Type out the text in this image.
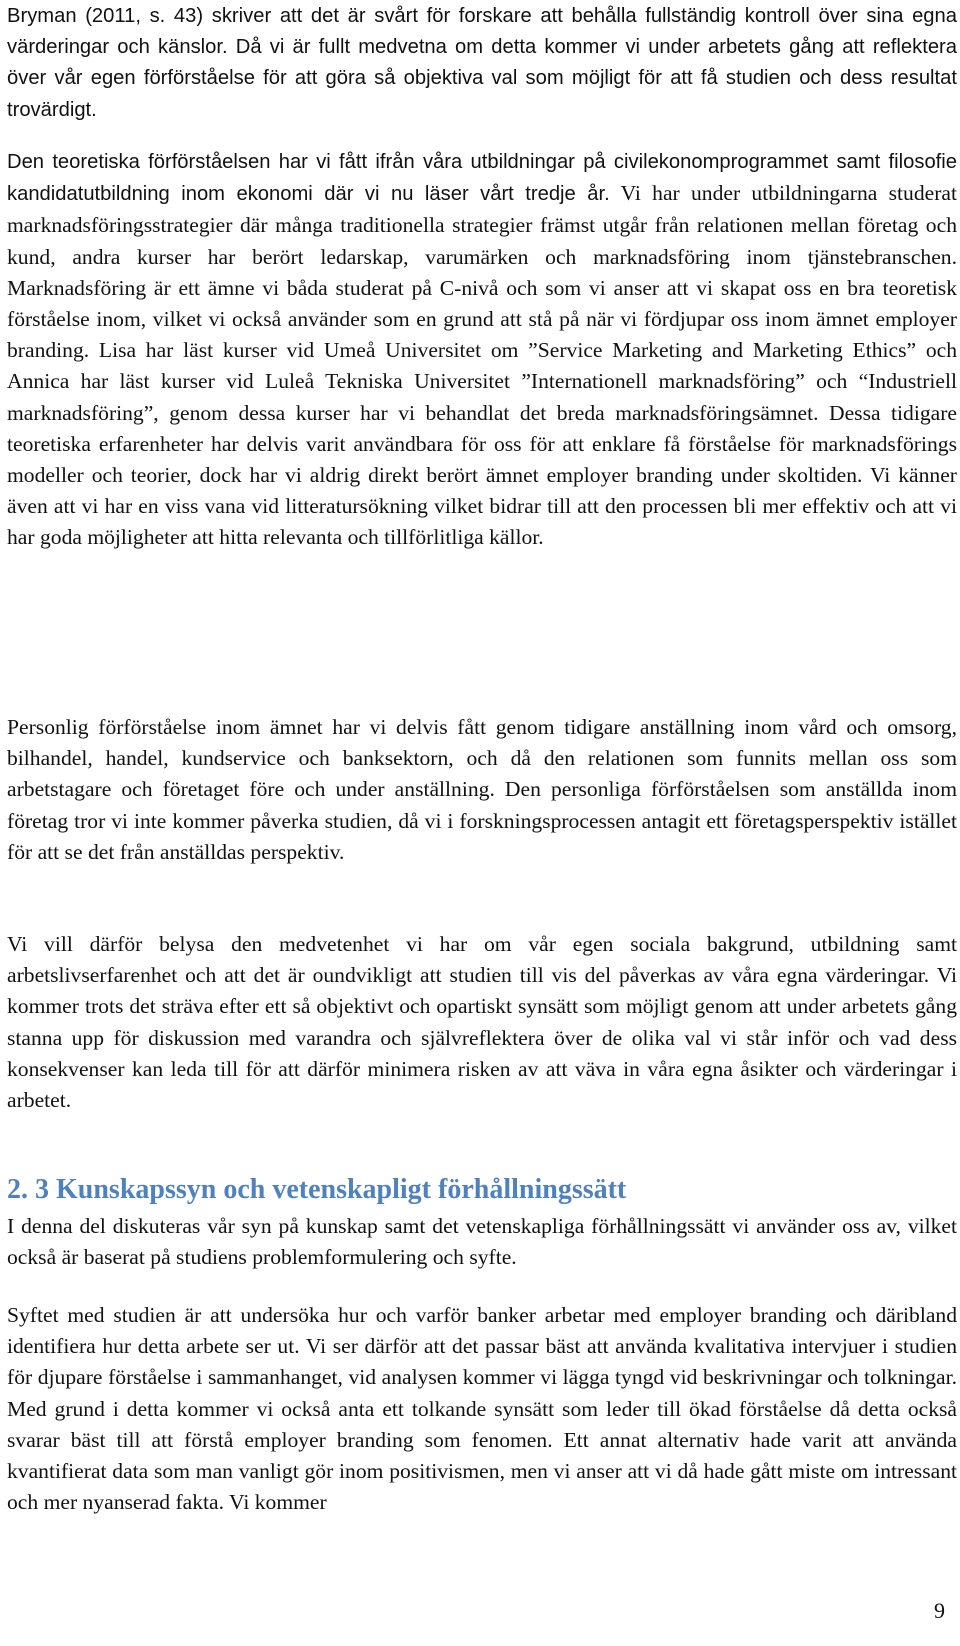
Bryman (2011, s. 43) skriver att det är svårt för forskare att behålla fullständig kontroll över sina egna värderingar och känslor. Då vi är fullt medvetna om detta kommer vi under arbetets gång att reflektera över vår egen förförståelse för att göra så objektiva val som möjligt för att få studien och dess resultat trovärdigt.

Den teoretiska förförståelsen har vi fått ifrån våra utbildningar på civilekonomprogrammet samt filosofie kandidatutbildning inom ekonomi där vi nu läser vårt tredje år. Vi har under utbildningarna studerat marknadsföringsstrategier där många traditionella strategier främst utgår från relationen mellan företag och kund, andra kurser har berört ledarskap, varumärken och marknadsföring inom tjänstebranschen. Marknadsföring är ett ämne vi båda studerat på C-nivå och som vi anser att vi skapat oss en bra teoretisk förståelse inom, vilket vi också använder som en grund att stå på när vi fördjupar oss inom ämnet employer branding. Lisa har läst kurser vid Umeå Universitet om ”Service Marketing and Marketing Ethics” och Annica har läst kurser vid Luleå Tekniska Universitet ”Internationell marknadsföring” och “Industriell marknadsföring”, genom dessa kurser har vi behandlat det breda marknadsföringsämnet. Dessa tidigare teoretiska erfarenheter har delvis varit användbara för oss för att enklare få förståelse för marknadsförings modeller och teorier, dock har vi aldrig direkt berört ämnet employer branding under skoltiden. Vi känner även att vi har en viss vana vid litteratursökning vilket bidrar till att den processen bli mer effektiv och att vi har goda möjligheter att hitta relevanta och tillförlitliga källor.

Personlig förförståelse inom ämnet har vi delvis fått genom tidigare anställning inom vård och omsorg, bilhandel, handel, kundservice och banksektorn, och då den relationen som funnits mellan oss som arbetstagare och företaget före och under anställning. Den personliga förförståelsen som anställda inom företag tror vi inte kommer påverka studien, då vi i forskningsprocessen antagit ett företagsperspektiv istället för att se det från anställdas perspektiv.

Vi vill därför belysa den medvetenhet vi har om vår egen sociala bakgrund, utbildning samt arbetslivserfarenhet och att det är oundvikligt att studien till vis del påverkas av våra egna värderingar. Vi kommer trots det sträva efter ett så objektivt och opartiskt synsätt som möjligt genom att under arbetets gång stanna upp för diskussion med varandra och självreflektera över de olika val vi står inför och vad dess konsekvenser kan leda till för att därför minimera risken av att väva in våra egna åsikter och värderingar i arbetet.

2. 3 Kunskapssyn och vetenskapligt förhållningssätt

I denna del diskuteras vår syn på kunskap samt det vetenskapliga förhållningssätt vi använder oss av, vilket också är baserat på studiens problemformulering och syfte.

Syftet med studien är att undersöka hur och varför banker arbetar med employer branding och däribland identifiera hur detta arbete ser ut. Vi ser därför att det passar bäst att använda kvalitativa intervjuer i studien för djupare förståelse i sammanhanget, vid analysen kommer vi lägga tyngd vid beskrivningar och tolkningar. Med grund i detta kommer vi också anta ett tolkande synsätt som leder till ökad förståelse då detta också svarar bäst till att förstå employer branding som fenomen. Ett annat alternativ hade varit att använda kvantifierat data som man vanligt gör inom positivismen, men vi anser att vi då hade gått miste om intressant och mer nyanserad fakta. Vi kommer

9
